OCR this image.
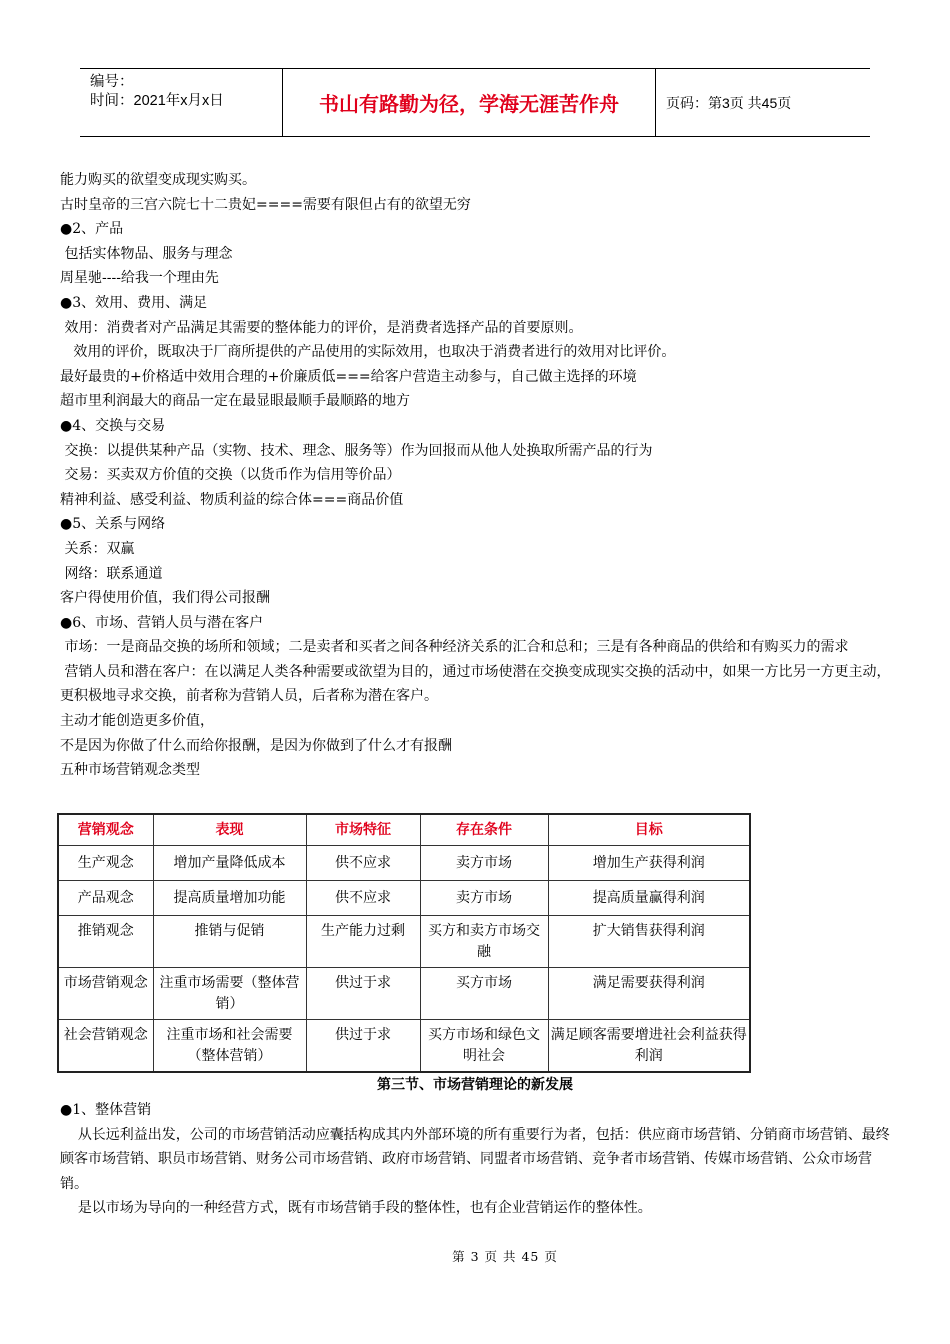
编号：
时间：2021年x月x日	书山有路勤为径，学海无涯苦作舟	页码：第3页 共45页

能力购买的欲望变成现实购买。

古时皇帝的三宫六院七十二贵妃====需要有限但占有的欲望无穷

●2、产品

包括实体物品、服务与理念

周星驰----给我一个理由先

●3、效用、费用、满足

效用：消费者对产品满足其需要的整体能力的评价，是消费者选择产品的首要原则。

效用的评价，既取决于厂商所提供的产品使用的实际效用，也取决于消费者进行的效用对比评价。

最好最贵的+价格适中效用合理的+价廉质低===给客户营造主动参与，自己做主选择的环境

超市里利润最大的商品一定在最显眼最顺手最顺路的地方

●4、交换与交易

交换：以提供某种产品（实物、技术、理念、服务等）作为回报而从他人处换取所需产品的行为

交易：买卖双方价值的交换（以货币作为信用等价品）

精神利益、感受利益、物质利益的综合体===商品价值

●5、关系与网络

关系：双赢

网络：联系通道

客户得使用价值，我们得公司报酬

●6、市场、营销人员与潜在客户

市场：一是商品交换的场所和领域；二是卖者和买者之间各种经济关系的汇合和总和；三是有各种商品的供给和有购买力的需求

营销人员和潜在客户：在以满足人类各种需要或欲望为目的，通过市场使潜在交换变成现实交换的活动中，如果一方比另一方更主动，更积极地寻求交换，前者称为营销人员，后者称为潜在客户。

主动才能创造更多价值，

不是因为你做了什么而给你报酬，是因为你做到了什么才有报酬

五种市场营销观念类型

营销观念	表现	市场特征	存在条件	目标
生产观念	增加产量降低成本	供不应求	卖方市场	增加生产获得利润
产品观念	提高质量增加功能	供不应求	卖方市场	提高质量赢得利润
推销观念	推销与促销	生产能力过剩	买方和卖方市场交融	扩大销售获得利润
市场营销观念	注重市场需要（整体营销）	供过于求	买方市场	满足需要获得利润
社会营销观念	注重市场和社会需要（整体营销）	供过于求	买方市场和绿色文明社会	满足顾客需要增进社会利益获得利润
第三节、市场营销理论的新发展

●1、整体营销

从长远利益出发，公司的市场营销活动应囊括构成其内外部环境的所有重要行为者，包括：供应商市场营销、分销商市场营销、最终顾客市场营销、职员市场营销、财务公司市场营销、政府市场营销、同盟者市场营销、竞争者市场营销、传媒市场营销、公众市场营销。

是以市场为导向的一种经营方式，既有市场营销手段的整体性，也有企业营销运作的整体性。

第 3 页 共 45 页
